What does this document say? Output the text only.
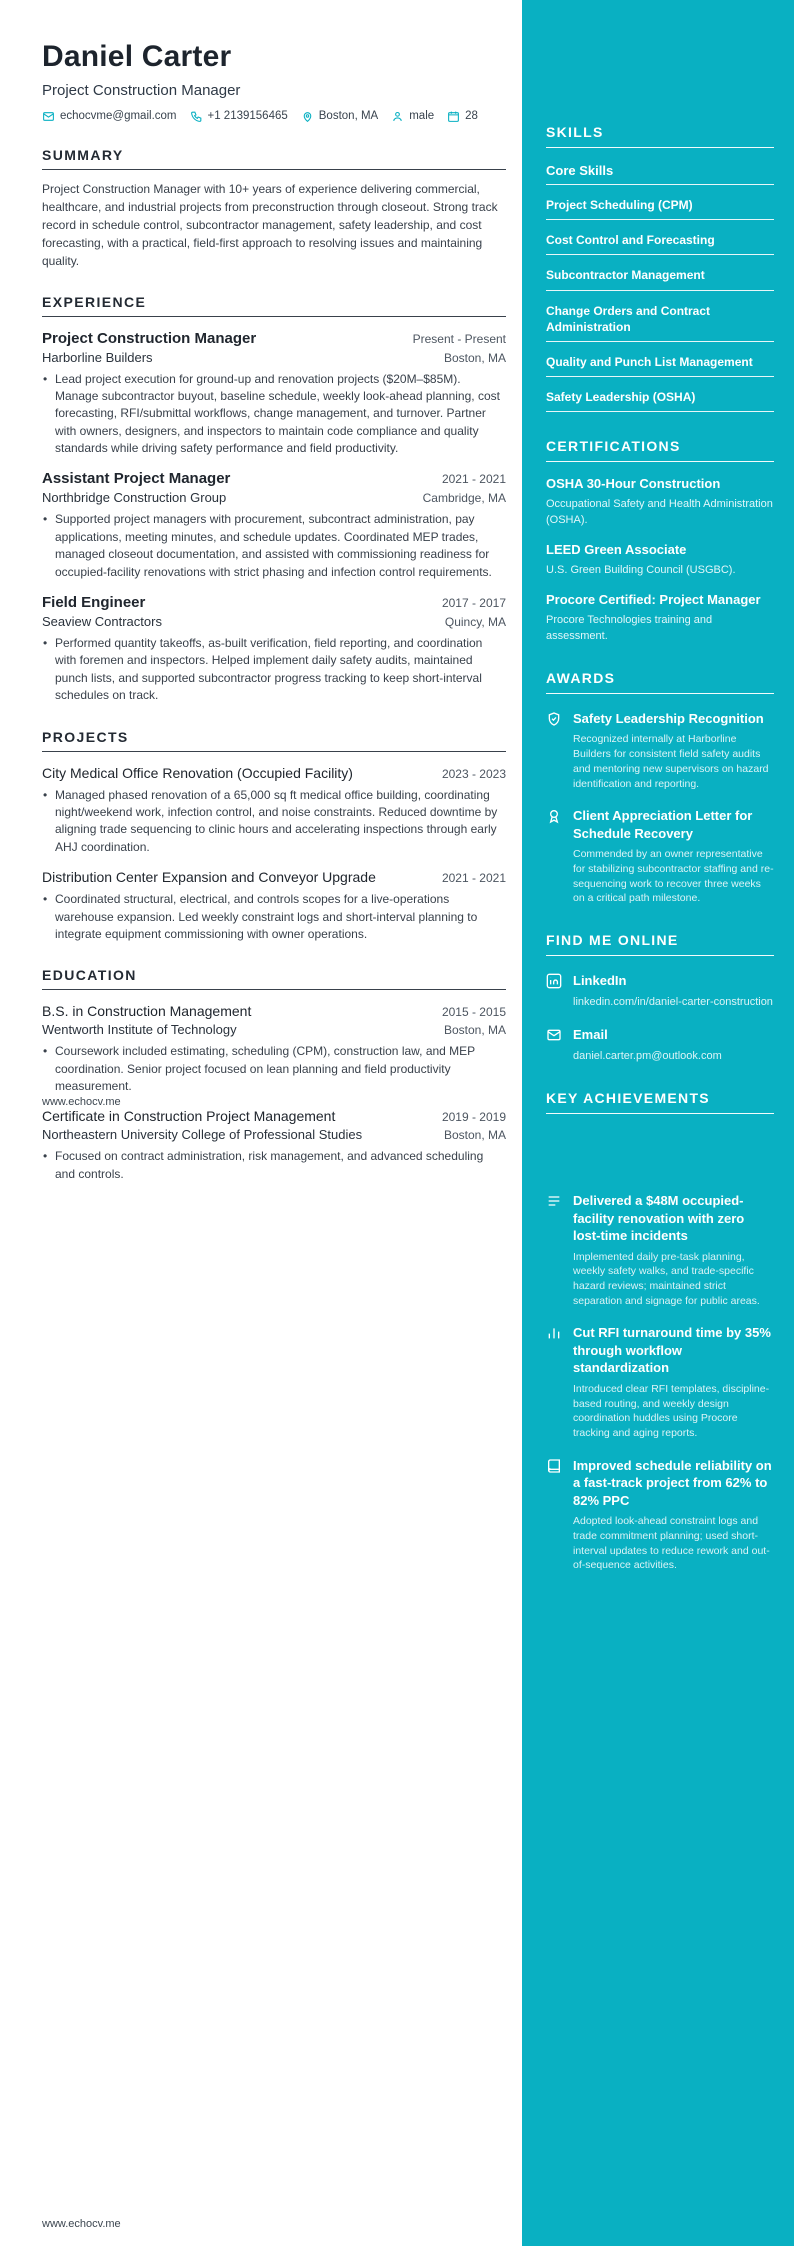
Daniel Carter
Project Construction Manager
echocvme@gmail.com	+1 2139156465	Boston, MA	male	28
SUMMARY

Project Construction Manager with 10+ years of experience delivering commercial, healthcare, and industrial projects from preconstruction through closeout. Strong track record in schedule control, subcontractor management, safety leadership, and cost forecasting, with a practical, field-first approach to resolving issues and maintaining quality.

EXPERIENCE
Project Construction Manager	Present - Present
Harborline Builders	Boston, MA
• Lead project execution for ground-up and renovation projects ($20M–$85M). Manage subcontractor buyout, baseline schedule, weekly look-ahead planning, cost forecasting, RFI/submittal workflows, change management, and turnover. Partner with owners, designers, and inspectors to maintain code compliance and quality standards while driving safety performance and field productivity.
Assistant Project Manager	2021 - 2021
Northbridge Construction Group	Cambridge, MA
• Supported project managers with procurement, subcontract administration, pay applications, meeting minutes, and schedule updates. Coordinated MEP trades, managed closeout documentation, and assisted with commissioning readiness for occupied-facility renovations with strict phasing and infection control requirements.
Field Engineer	2017 - 2017
Seaview Contractors	Quincy, MA
• Performed quantity takeoffs, as-built verification, field reporting, and coordination with foremen and inspectors. Helped implement daily safety audits, maintained punch lists, and supported subcontractor progress tracking to keep short-interval schedules on track.
PROJECTS
City Medical Office Renovation (Occupied Facility)	2023 - 2023
• Managed phased renovation of a 65,000 sq ft medical office building, coordinating night/weekend work, infection control, and noise constraints. Reduced downtime by aligning trade sequencing to clinic hours and accelerating inspections through early AHJ coordination.
Distribution Center Expansion and Conveyor Upgrade	2021 - 2021
• Coordinated structural, electrical, and controls scopes for a live-operations warehouse expansion. Led weekly constraint logs and short-interval planning to integrate equipment commissioning with owner operations.
EDUCATION
B.S. in Construction Management	2015 - 2015
Wentworth Institute of Technology	Boston, MA
• Coursework included estimating, scheduling (CPM), construction law, and MEP coordination. Senior project focused on lean planning and field productivity measurement.
Certificate in Construction Project Management	2019 - 2019
Northeastern University College of Professional Studies	Boston, MA
• Focused on contract administration, risk management, and advanced scheduling and controls.
SKILLS
Core Skills
Project Scheduling (CPM)
Cost Control and Forecasting
Subcontractor Management
Change Orders and Contract Administration
Quality and Punch List Management
Safety Leadership (OSHA)
CERTIFICATIONS
OSHA 30-Hour Construction
Occupational Safety and Health Administration (OSHA).
LEED Green Associate
U.S. Green Building Council (USGBC).
Procore Certified: Project Manager
Procore Technologies training and assessment.
AWARDS
Safety Leadership Recognition
Recognized internally at Harborline Builders for consistent field safety audits and mentoring new supervisors on hazard identification and reporting.
Client Appreciation Letter for Schedule Recovery
Commended by an owner representative for stabilizing subcontractor staffing and re-sequencing work to recover three weeks on a critical path milestone.
FIND ME ONLINE
LinkedIn
linkedin.com/in/daniel-carter-construction
Email
daniel.carter.pm@outlook.com
KEY ACHIEVEMENTS
Delivered a $48M occupied-facility renovation with zero lost-time incidents
Implemented daily pre-task planning, weekly safety walks, and trade-specific hazard reviews; maintained strict separation and signage for public areas.
Cut RFI turnaround time by 35% through workflow standardization
Introduced clear RFI templates, discipline-based routing, and weekly design coordination huddles using Procore tracking and aging reports.
Improved schedule reliability on a fast-track project from 62% to 82% PPC
Adopted look-ahead constraint logs and trade commitment planning; used short-interval updates to reduce rework and out-of-sequence activities.
www.echocv.me
www.echocv.me
